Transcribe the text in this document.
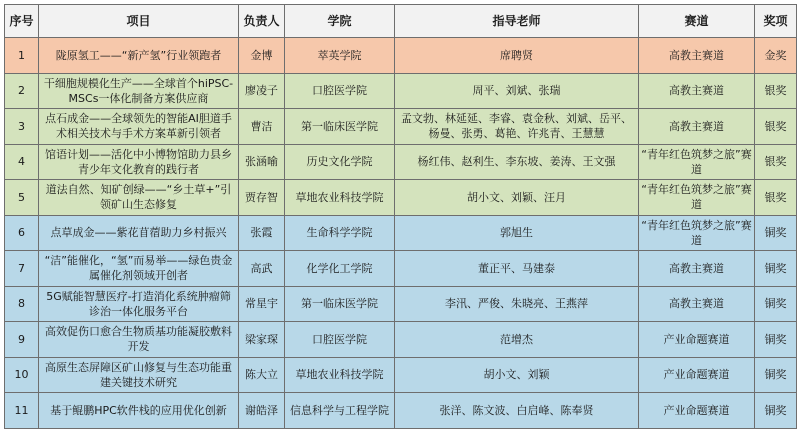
序号	项目	负责人	学院	指导老师	赛道	奖项
1	陇原氢工——“新产氢”行业领跑者	金博	萃英学院	席聘贤	高教主赛道	金奖
2	干细胞规模化生产——全球首个hiPSC-MSCs一体化制备方案供应商	廖凌子	口腔医学院	周平、刘斌、张瑞	高教主赛道	银奖
3	点石成金——全球领先的智能AI胆道手术相关技术与手术方案革新引领者	曹洁	第一临床医学院	孟文勃、林延延、李睿、袁金秋、刘斌、岳平、杨曼、张勇、葛艳、许兆青、王慧慧	高教主赛道	银奖
4	馆语计划——活化中小博物馆助力县乡青少年文化教育的践行者	张涵喻	历史文化学院	杨红伟、赵利生、李东坡、姜涛、王文强	“青年红色筑梦之旅”赛道	银奖
5	道法自然、知矿创绿——“乡土草+”引领矿山生态修复	贾存智	草地农业科技学院	胡小文、刘颖、汪月	“青年红色筑梦之旅”赛道	银奖
6	点草成金——紫花苜蓿助力乡村振兴	张霞	生命科学学院	郭旭生	“青年红色筑梦之旅”赛道	铜奖
7	“洁”能催化，“氢”而易举——绿色贵金属催化剂领域开创者	高武	化学化工学院	董正平、马建泰	高教主赛道	铜奖
8	5G赋能智慧医疗-打造消化系统肿瘤筛诊治一体化服务平台	常星宇	第一临床医学院	李汛、严俊、朱晓亮、王燕萍	高教主赛道	铜奖
9	高效促伤口愈合生物质基功能凝胶敷料开发	梁家琛	口腔医学院	范增杰	产业命题赛道	铜奖
10	高原生态屏障区矿山修复与生态功能重建关键技术研究	陈大立	草地农业科技学院	胡小文、刘颖	产业命题赛道	铜奖
11	基于鲲鹏HPC软件栈的应用优化创新	谢皓泽	信息科学与工程学院	张洋、陈文波、白启峰、陈奉贤	产业命题赛道	铜奖
